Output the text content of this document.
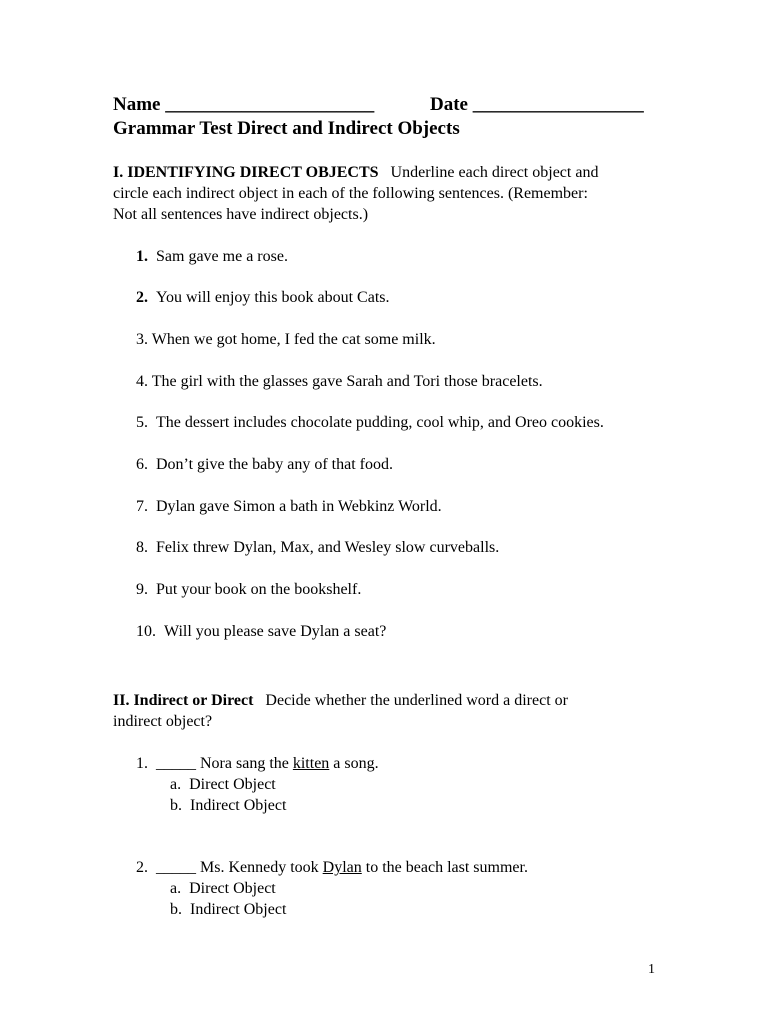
Name ______________________	Date __________________
Grammar Test Direct and Indirect Objects
I. IDENTIFYING DIRECT OBJECTS Underline each direct object and
circle each indirect object in each of the following sentences. (Remember:
Not all sentences have indirect objects.)
1. Sam gave me a rose.
2. You will enjoy this book about Cats.
3. When we got home, I fed the cat some milk.
4. The girl with the glasses gave Sarah and Tori those bracelets.
5. The dessert includes chocolate pudding, cool whip, and Oreo cookies.
6. Don’t give the baby any of that food.
7. Dylan gave Simon a bath in Webkinz World.
8. Felix threw Dylan, Max, and Wesley slow curveballs.
9. Put your book on the bookshelf.
10. Will you please save Dylan a seat?
II. Indirect or Direct Decide whether the underlined word a direct or
indirect object?
1. _____ Nora sang the kitten a song.
a. Direct Object
b. Indirect Object
2. _____ Ms. Kennedy took Dylan to the beach last summer.
a. Direct Object
b. Indirect Object
1
